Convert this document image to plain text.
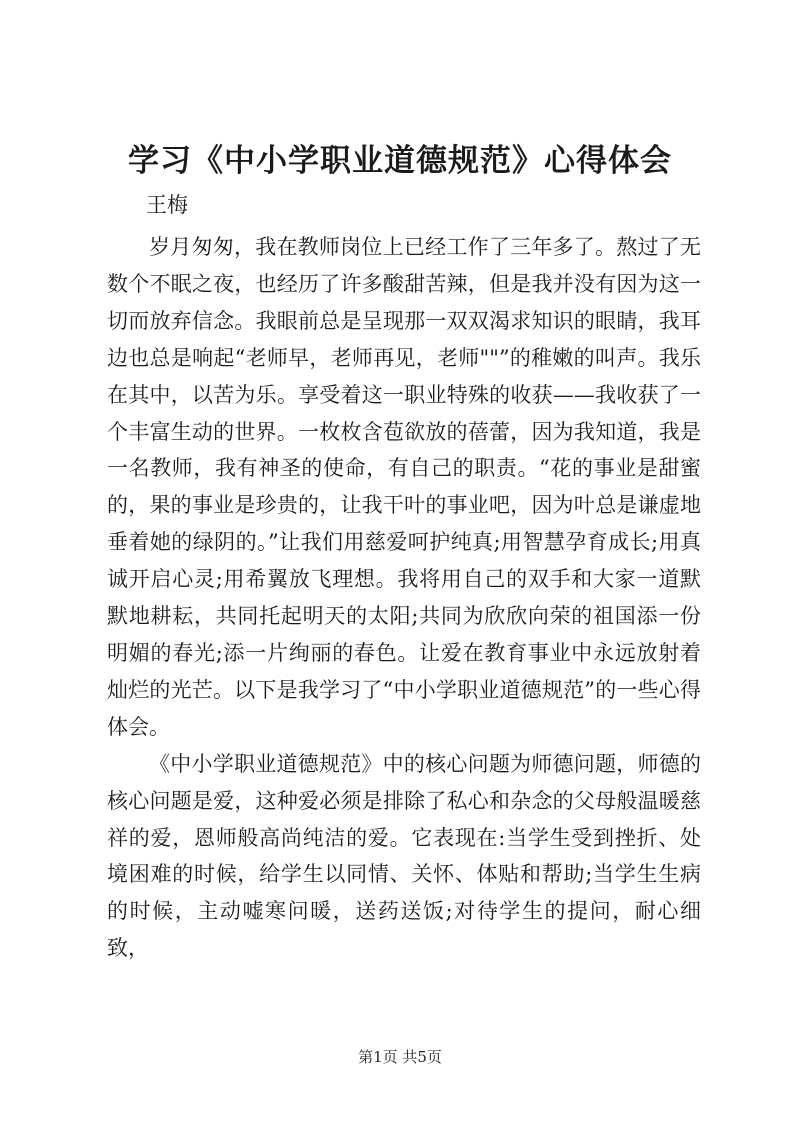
学习《中小学职业道德规范》心得体会
王梅

岁月匆匆，我在教师岗位上已经工作了三年多了。熬过了无数个不眠之夜，也经历了许多酸甜苦辣，但是我并没有因为这一切而放弃信念。我眼前总是呈现那一双双渴求知识的眼睛，我耳边也总是响起“老师早，老师再见，老师""”的稚嫩的叫声。我乐在其中，以苦为乐。享受着这一职业特殊的收获——我收获了一个丰富生动的世界。一枚枚含苞欲放的蓓蕾，因为我知道，我是一名教师，我有神圣的使命，有自己的职责。“花的事业是甜蜜的，果的事业是珍贵的，让我干叶的事业吧，因为叶总是谦虚地垂着她的绿阴的。”让我们用慈爱呵护纯真;用智慧孕育成长;用真诚开启心灵;用希翼放飞理想。我将用自己的双手和大家一道默默地耕耘，共同托起明天的太阳;共同为欣欣向荣的祖国添一份明媚的春光;添一片绚丽的春色。让爱在教育事业中永远放射着灿烂的光芒。以下是我学习了“中小学职业道德规范”的一些心得体会。

《中小学职业道德规范》中的核心问题为师德问题，师德的核心问题是爱，这种爱必须是排除了私心和杂念的父母般温暖慈祥的爱，恩师般高尚纯洁的爱。它表现在:当学生受到挫折、处境困难的时候，给学生以同情、关怀、体贴和帮助;当学生生病的时候，主动嘘寒问暖，送药送饭;对待学生的提问，耐心细致，

第1页 共5页
